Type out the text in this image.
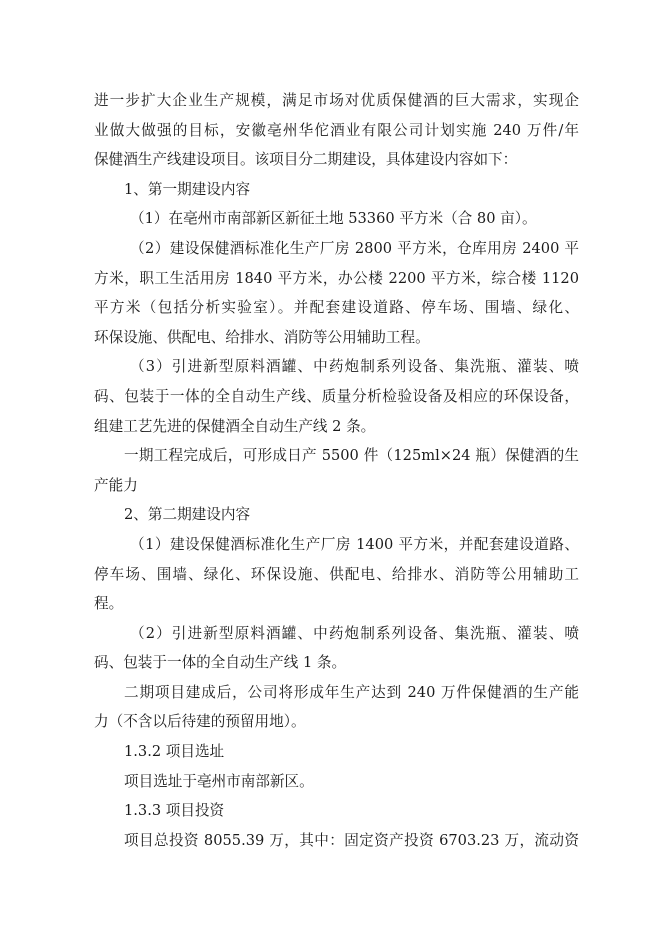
进一步扩大企业生产规模，满足市场对优质保健酒的巨大需求，实现企
业做大做强的目标，安徽亳州华佗酒业有限公司计划实施 240 万件/年
保健酒生产线建设项目。该项目分二期建设，具体建设内容如下：
1、第一期建设内容
（1）在亳州市南部新区新征土地 53360 平方米（合 80 亩）。
（2）建设保健酒标准化生产厂房 2800 平方米，仓库用房 2400 平
方米，职工生活用房 1840 平方米，办公楼 2200 平方米，综合楼 1120
平方米（包括分析实验室）。并配套建设道路、停车场、围墙、绿化、
环保设施、供配电、给排水、消防等公用辅助工程。
（3）引进新型原料酒罐、中药炮制系列设备、集洗瓶、灌装、喷
码、包装于一体的全自动生产线、质量分析检验设备及相应的环保设备，
组建工艺先进的保健酒全自动生产线 2 条。
一期工程完成后，可形成日产 5500 件（125ml×24 瓶）保健酒的生
产能力
2、第二期建设内容
（1）建设保健酒标准化生产厂房 1400 平方米，并配套建设道路、
停车场、围墙、绿化、环保设施、供配电、给排水、消防等公用辅助工
程。
（2）引进新型原料酒罐、中药炮制系列设备、集洗瓶、灌装、喷
码、包装于一体的全自动生产线 1 条。
二期项目建成后，公司将形成年生产达到 240 万件保健酒的生产能
力（不含以后待建的预留用地）。
1.3.2 项目选址
项目选址于亳州市南部新区。
1.3.3 项目投资
项目总投资 8055.39 万，其中：固定资产投资 6703.23 万，流动资
